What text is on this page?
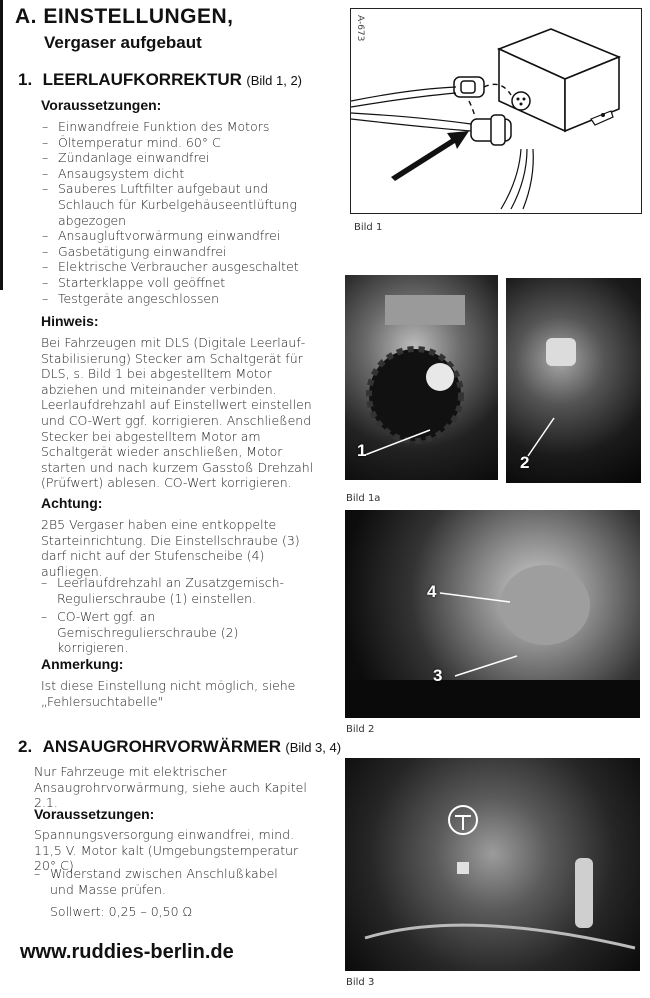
A. EINSTELLUNGEN,
Vergaser aufgebaut
1. LEERLAUFKORREKTUR (Bild 1, 2)
Voraussetzungen:
– Einwandfreie Funktion des Motors
– Öltemperatur mind. 60° C
– Zündanlage einwandfrei
– Ansaugsystem dicht
– Sauberes Luftfilter aufgebaut und Schlauch für Kurbelgehäuseentlüftung abgezogen
– Ansaugluftvorwärmung einwandfrei
– Gasbetätigung einwandfrei
– Elektrische Verbraucher ausgeschaltet
– Starterklappe voll geöffnet
– Testgeräte angeschlossen
Hinweis:
Bei Fahrzeugen mit DLS (Digitale Leerlauf-Stabilisierung) Stecker am Schaltgerät für DLS, s. Bild 1 bei abgestelltem Motor abziehen und miteinander verbinden. Leerlaufdrehzahl auf Einstellwert einstellen und CO-Wert ggf. korrigieren. Anschließend Stecker bei abgestelltem Motor am Schaltgerät wieder anschließen, Motor starten und nach kurzem Gasstoß Drehzahl (Prüfwert) ablesen. CO-Wert korrigieren.
Achtung:
2B5 Vergaser haben eine entkoppelte Starteinrichtung. Die Einstellschraube (3) darf nicht auf der Stufenscheibe (4) aufliegen.
– Leerlaufdrehzahl an Zusatzgemisch-Regulierschraube (1) einstellen.
– CO-Wert ggf. an Gemischregulierschraube (2) korrigieren.
Anmerkung:
Ist diese Einstellung nicht möglich, siehe „Fehlersuchtabelle"
2. ANSAUGROHRVORWÄRMER (Bild 3, 4)
Nur Fahrzeuge mit elektrischer Ansaugrohrvorwärmung, siehe auch Kapitel 2.1.
Voraussetzungen:
Spannungsversorgung einwandfrei, mind. 11,5 V. Motor kalt (Umgebungstemperatur 20° C)
– Widerstand zwischen Anschlußkabel und Masse prüfen.
Sollwert: 0,25 – 0,50 Ω
www.ruddies-berlin.de
A-673
Bild 1
1
2
Bild 1a
4
3
Bild 2
Bild 3
